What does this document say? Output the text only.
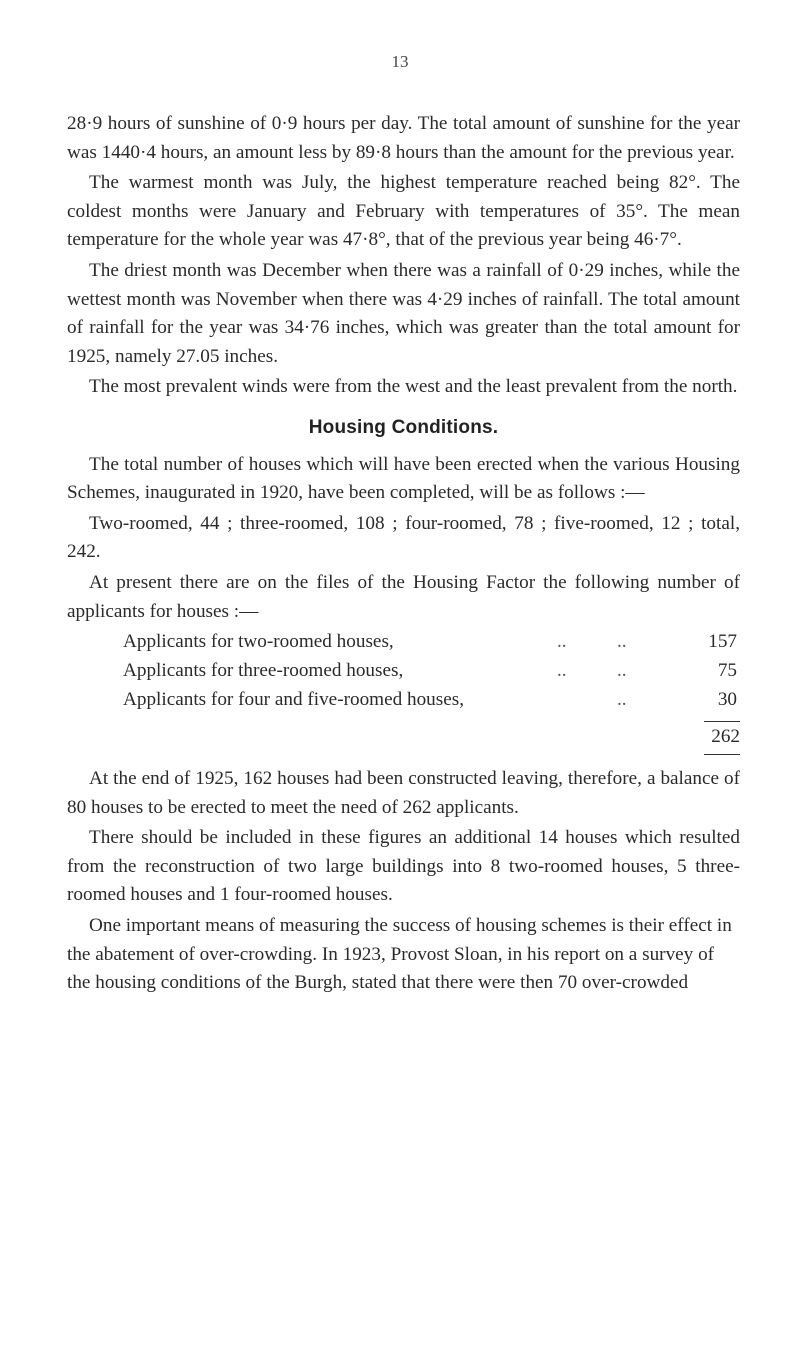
13

28·9 hours of sunshine of 0·9 hours per day. The total amount of sunshine for the year was 1440·4 hours, an amount less by 89·8 hours than the amount for the previous year.

The warmest month was July, the highest temperature reached being 82°. The coldest months were January and February with temperatures of 35°. The mean temperature for the whole year was 47·8°, that of the previous year being 46·7°.

The driest month was December when there was a rainfall of 0·29 inches, while the wettest month was November when there was 4·29 inches of rainfall. The total amount of rainfall for the year was 34·76 inches, which was greater than the total amount for 1925, namely 27.05 inches.

The most prevalent winds were from the west and the least prevalent from the north.

Housing Conditions.

The total number of houses which will have been erected when the various Housing Schemes, inaugurated in 1920, have been completed, will be as follows :—

Two-roomed, 44 ; three-roomed, 108 ; four-roomed, 78 ; five-roomed, 12 ; total, 242.

At present there are on the files of the Housing Factor the following number of applicants for houses :—

Applicants for two-roomed houses,	..	..	157
Applicants for three-roomed houses,	..	..	75
Applicants for four and five-roomed houses,	..	30
262

At the end of 1925, 162 houses had been constructed leaving, therefore, a balance of 80 houses to be erected to meet the need of 262 applicants.

There should be included in these figures an additional 14 houses which resulted from the reconstruction of two large buildings into 8 two-roomed houses, 5 three-roomed houses and 1 four-roomed houses.

One important means of measuring the success of housing schemes is their effect in the abatement of over-crowding. In 1923, Provost Sloan, in his report on a survey of the housing conditions of the Burgh, stated that there were then 70 over-crowded
